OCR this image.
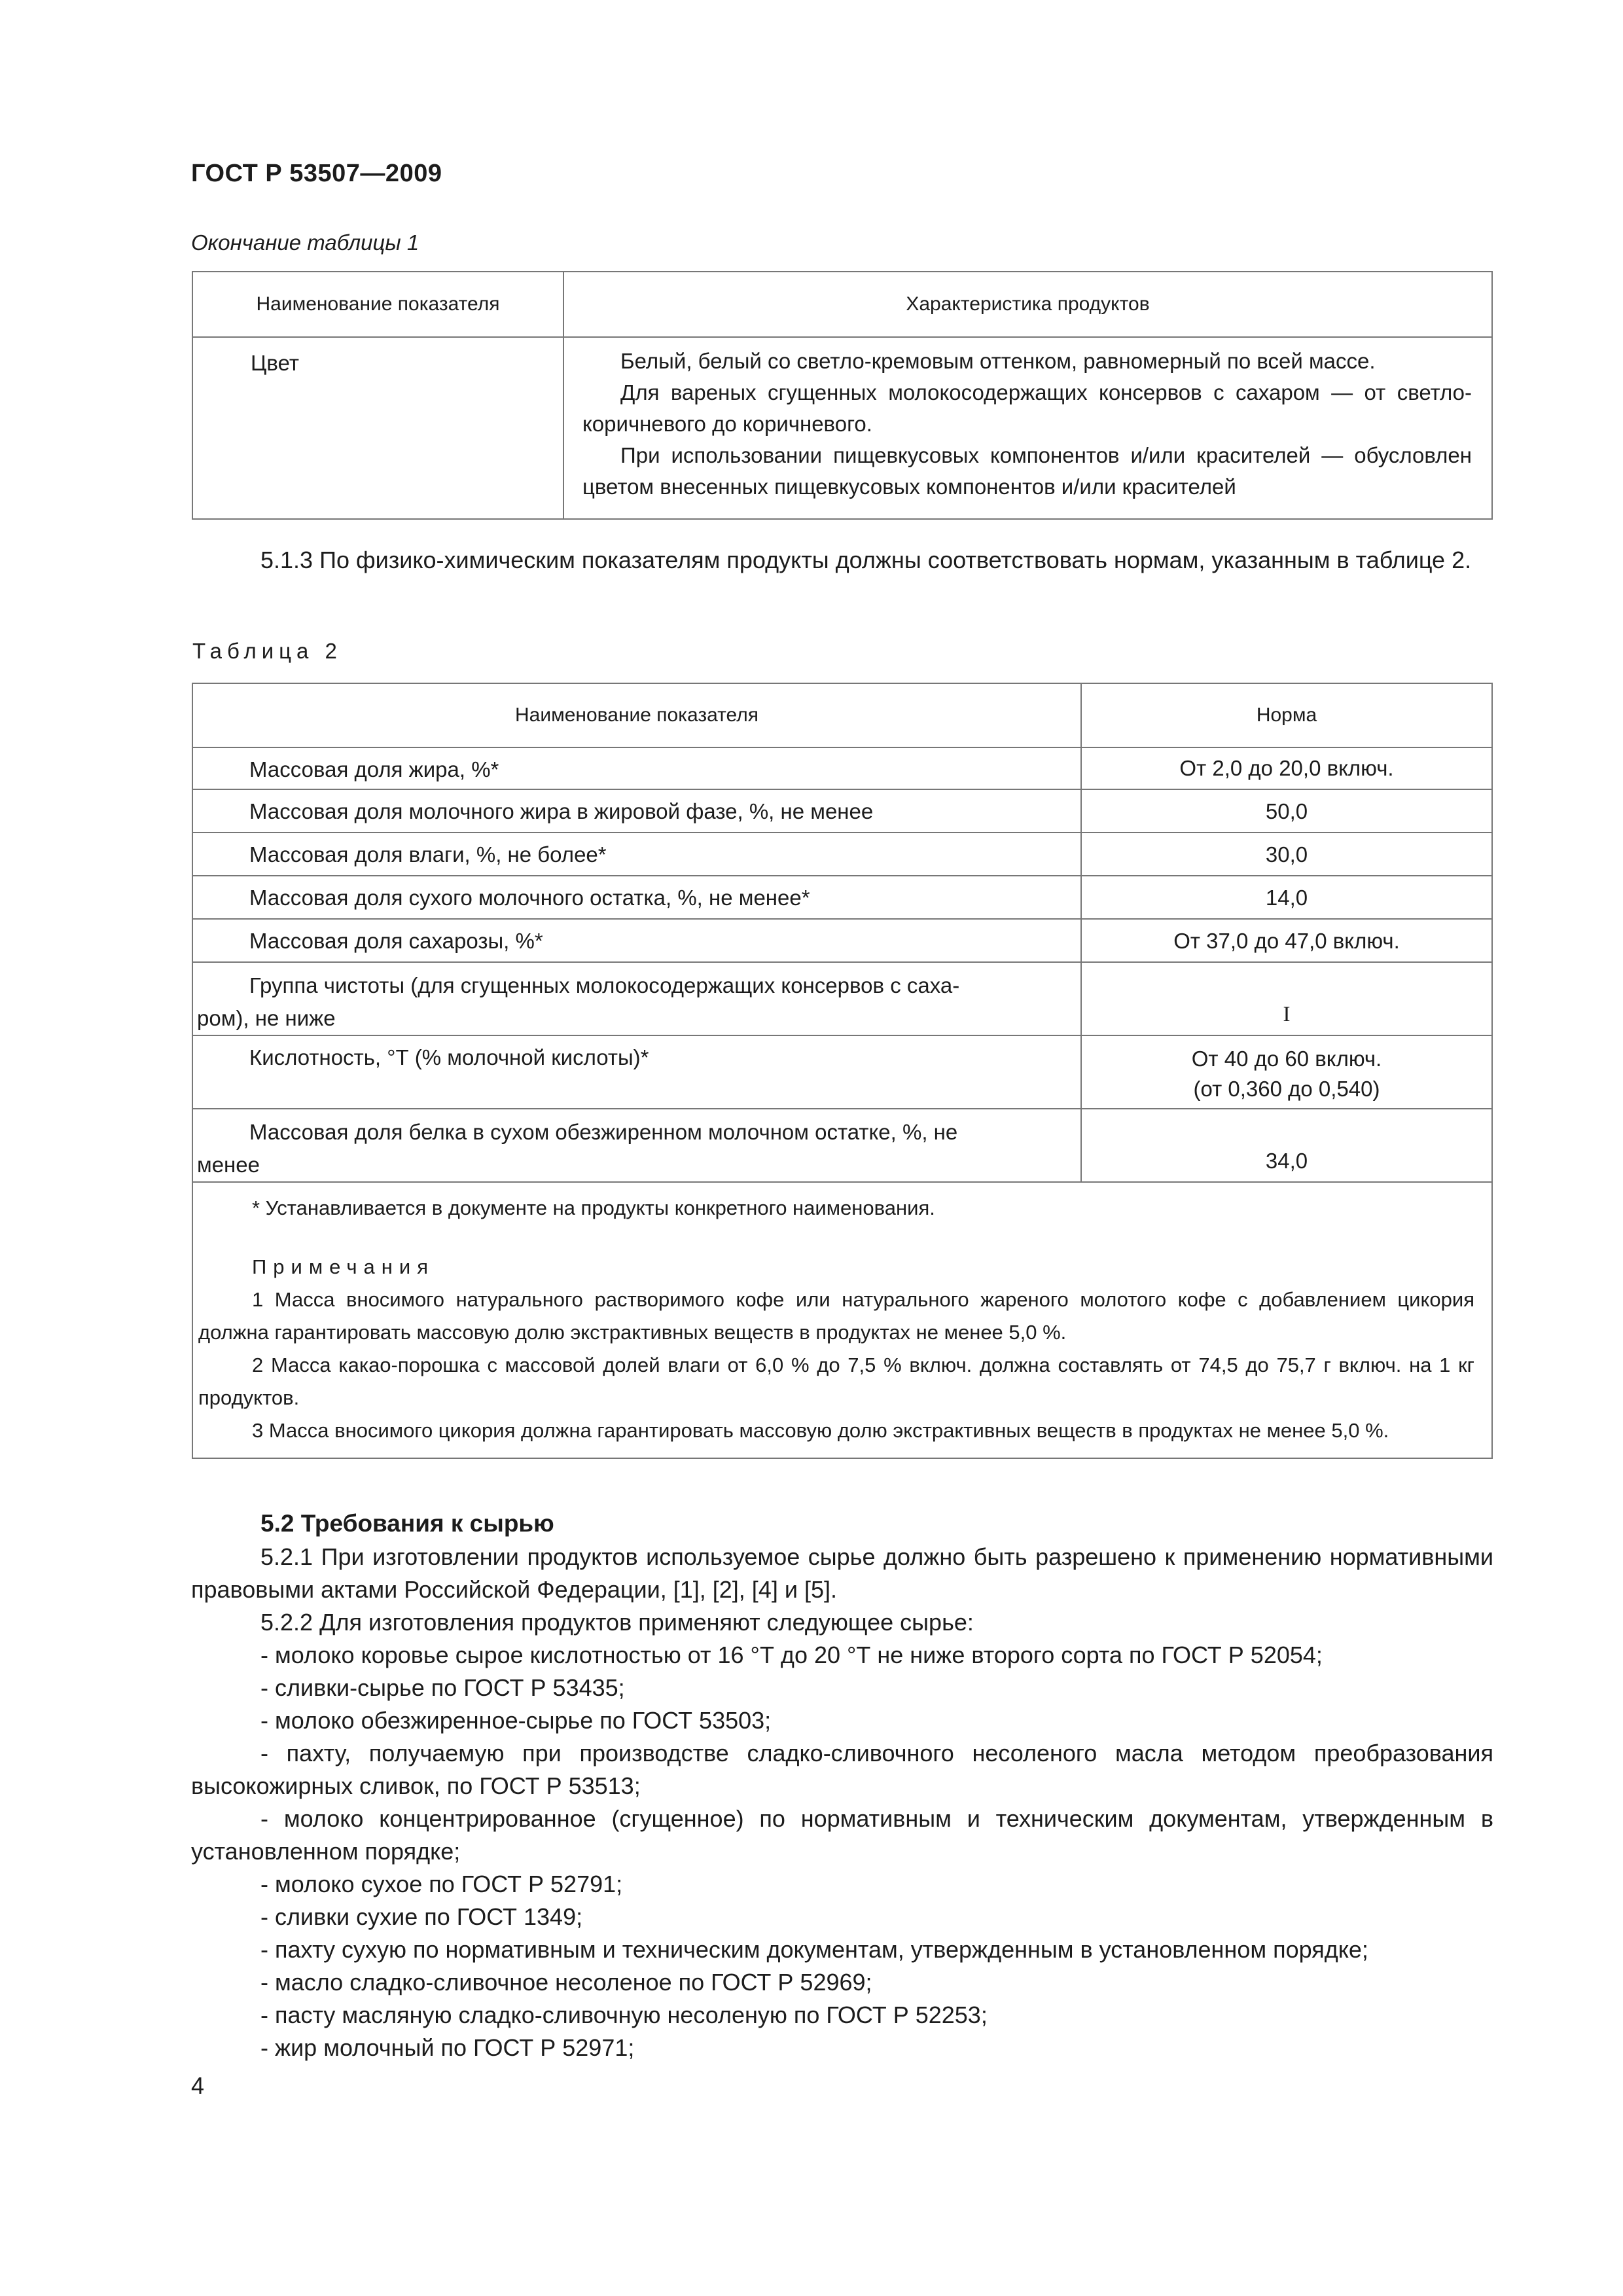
ГОСТ Р 53507—2009
Окончание таблицы 1
Наименование показателя	Характеристика продуктов
Цвет	Белый, белый со светло-кремовым оттенком, равномерный по всей массе.
Для вареных сгущенных молокосодержащих консервов с сахаром — от светло-коричневого до коричневого.
При использовании пищевкусовых компонентов и/или красителей — обусловлен цветом внесенных пищевкусовых компонентов и/или красителей
5.1.3 По физико-химическим показателям продукты должны соответствовать нормам, указанным в таблице 2.
Таблица 2
Наименование показателя	Норма
Массовая доля жира, %*	От 2,0 до 20,0 включ.
Массовая доля молочного жира в жировой фазе, %, не менее	50,0
Массовая доля влаги, %, не более*	30,0
Массовая доля сухого молочного остатка, %, не менее*	14,0
Массовая доля сахарозы, %*	От 37,0 до 47,0 включ.

Группа чистоты (для сгущенных молокосодержащих консервов с саха-
ром), не ниже	I
Кислотность, °Т (% молочной кислоты)*	От 40 до 60 включ.
(от 0,360 до 0,540)

Массовая доля белка в сухом обезжиренном молочном остатке, %, не
менее	34,0

* Устанавливается в документе на продукты конкретного наименования.
Примечания
1 Масса вносимого натурального растворимого кофе или натурального жареного молотого кофе с добавлением цикория должна гарантировать массовую долю экстрактивных веществ в продуктах не менее 5,0 %.
2 Масса какао-порошка с массовой долей влаги от 6,0 % до 7,5 % включ. должна составлять от 74,5 до 75,7 г включ. на 1 кг продуктов.
3 Масса вносимого цикория должна гарантировать массовую долю экстрактивных веществ в продуктах не менее 5,0 %.	
5.2 Требования к сырью

5.2.1 При изготовлении продуктов используемое сырье должно быть разрешено к применению нормативными правовыми актами Российской Федерации, [1], [2], [4] и [5].

5.2.2 Для изготовления продуктов применяют следующее сырье:

- молоко коровье сырое кислотностью от 16 °Т до 20 °Т не ниже второго сорта по ГОСТ Р 52054;

- сливки-сырье по ГОСТ Р 53435;

- молоко обезжиренное-сырье по ГОСТ 53503;

- пахту, получаемую при производстве сладко-сливочного несоленого масла методом преобразования высокожирных сливок, по ГОСТ Р 53513;

- молоко концентрированное (сгущенное) по нормативным и техническим документам, утвержденным в установленном порядке;

- молоко сухое по ГОСТ Р 52791;

- сливки сухие по ГОСТ 1349;

- пахту сухую по нормативным и техническим документам, утвержденным в установленном порядке;

- масло сладко-сливочное несоленое по ГОСТ Р 52969;

- пасту масляную сладко-сливочную несоленую по ГОСТ Р 52253;

- жир молочный по ГОСТ Р 52971;

4
